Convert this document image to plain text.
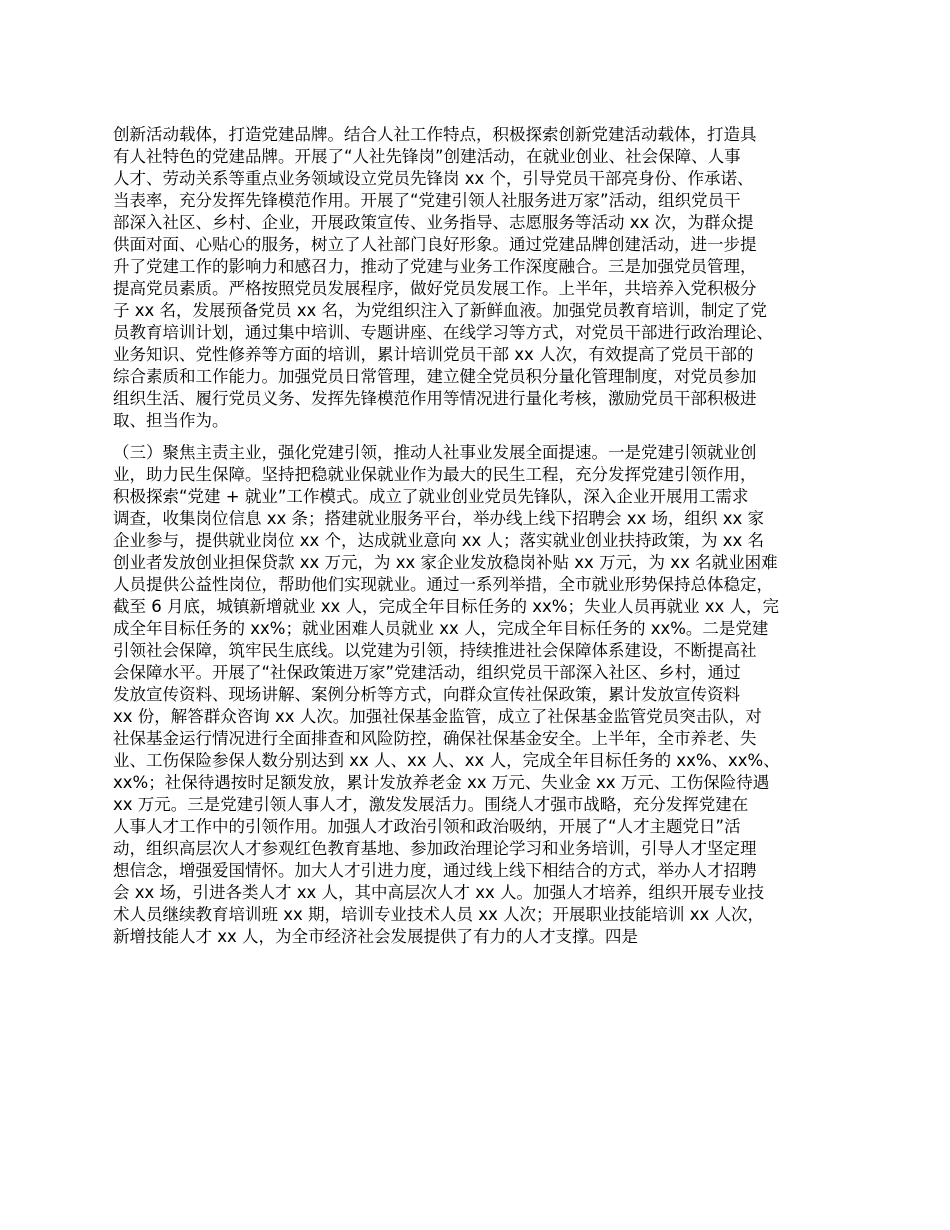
创新活动载体，打造党建品牌。结合人社工作特点，积极探索创新党建活动载体，打造具
有人社特色的党建品牌。开展了“人社先锋岗”创建活动，在就业创业、社会保障、人事
人才、劳动关系等重点业务领域设立党员先锋岗 xx 个，引导党员干部亮身份、作承诺、
当表率，充分发挥先锋模范作用。开展了“党建引领人社服务进万家”活动，组织党员干
部深入社区、乡村、企业，开展政策宣传、业务指导、志愿服务等活动 xx 次，为群众提
供面对面、心贴心的服务，树立了人社部门良好形象。通过党建品牌创建活动，进一步提
升了党建工作的影响力和感召力，推动了党建与业务工作深度融合。三是加强党员管理，
提高党员素质。严格按照党员发展程序，做好党员发展工作。上半年，共培养入党积极分
子 xx 名，发展预备党员 xx 名，为党组织注入了新鲜血液。加强党员教育培训，制定了党
员教育培训计划，通过集中培训、专题讲座、在线学习等方式，对党员干部进行政治理论、
业务知识、党性修养等方面的培训，累计培训党员干部 xx 人次，有效提高了党员干部的
综合素质和工作能力。加强党员日常管理，建立健全党员积分量化管理制度，对党员参加
组织生活、履行党员义务、发挥先锋模范作用等情况进行量化考核，激励党员干部积极进
取、担当作为。
（三）聚焦主责主业，强化党建引领，推动人社事业发展全面提速。一是党建引领就业创
业，助力民生保障。坚持把稳就业保就业作为最大的民生工程，充分发挥党建引领作用，
积极探索“党建 + 就业”工作模式。成立了就业创业党员先锋队，深入企业开展用工需求
调查，收集岗位信息 xx 条；搭建就业服务平台，举办线上线下招聘会 xx 场，组织 xx 家
企业参与，提供就业岗位 xx 个，达成就业意向 xx 人；落实就业创业扶持政策，为 xx 名
创业者发放创业担保贷款 xx 万元，为 xx 家企业发放稳岗补贴 xx 万元，为 xx 名就业困难
人员提供公益性岗位，帮助他们实现就业。通过一系列举措，全市就业形势保持总体稳定，
截至 6 月底，城镇新增就业 xx 人，完成全年目标任务的 xx%；失业人员再就业 xx 人，完
成全年目标任务的 xx%；就业困难人员就业 xx 人，完成全年目标任务的 xx%。二是党建
引领社会保障，筑牢民生底线。以党建为引领，持续推进社会保障体系建设，不断提高社
会保障水平。开展了“社保政策进万家”党建活动，组织党员干部深入社区、乡村，通过
发放宣传资料、现场讲解、案例分析等方式，向群众宣传社保政策，累计发放宣传资料
xx 份，解答群众咨询 xx 人次。加强社保基金监管，成立了社保基金监管党员突击队，对
社保基金运行情况进行全面排查和风险防控，确保社保基金安全。上半年，全市养老、失
业、工伤保险参保人数分别达到 xx 人、xx 人、xx 人，完成全年目标任务的 xx%、xx%、
xx%；社保待遇按时足额发放，累计发放养老金 xx 万元、失业金 xx 万元、工伤保险待遇
xx 万元。三是党建引领人事人才，激发发展活力。围绕人才强市战略，充分发挥党建在
人事人才工作中的引领作用。加强人才政治引领和政治吸纳，开展了“人才主题党日”活
动，组织高层次人才参观红色教育基地、参加政治理论学习和业务培训，引导人才坚定理
想信念，增强爱国情怀。加大人才引进力度，通过线上线下相结合的方式，举办人才招聘
会 xx 场，引进各类人才 xx 人，其中高层次人才 xx 人。加强人才培养，组织开展专业技
术人员继续教育培训班 xx 期，培训专业技术人员 xx 人次；开展职业技能培训 xx 人次，
新增技能人才 xx 人，为全市经济社会发展提供了有力的人才支撑。四是
